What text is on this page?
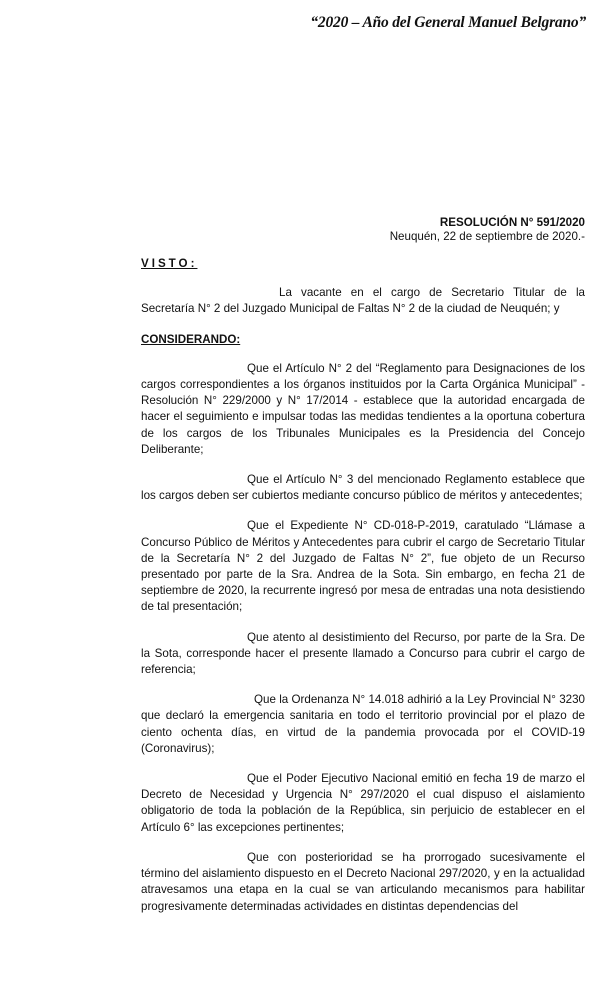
“2020 – Año del General Manuel Belgrano”
RESOLUCIÓN N° 591/2020
Neuquén, 22 de septiembre de 2020.-
VISTO:
La vacante en el cargo de Secretario Titular de la Secretaría N° 2 del Juzgado Municipal de Faltas N° 2 de la ciudad de Neuquén; y
CONSIDERANDO:
Que el Artículo N° 2 del “Reglamento para Designaciones de los cargos correspondientes a los órganos instituidos por la Carta Orgánica Municipal” - Resolución N° 229/2000 y N° 17/2014 - establece que la autoridad encargada de hacer el seguimiento e impulsar todas las medidas tendientes a la oportuna cobertura de los cargos de los Tribunales Municipales es la Presidencia del Concejo Deliberante;
Que el Artículo N° 3 del mencionado Reglamento establece que los cargos deben ser cubiertos mediante concurso público de méritos y antecedentes;
Que el Expediente N° CD-018-P-2019, caratulado “Llámase a Concurso Público de Méritos y Antecedentes para cubrir el cargo de Secretario Titular de la Secretaría N° 2 del Juzgado de Faltas N° 2”, fue objeto de un Recurso presentado por parte de la Sra. Andrea de la Sota. Sin embargo, en fecha 21 de septiembre de 2020, la recurrente ingresó por mesa de entradas una nota desistiendo de tal presentación;
Que atento al desistimiento del Recurso, por parte de la Sra. De la Sota, corresponde hacer el presente llamado a Concurso para cubrir el cargo de referencia;
Que la Ordenanza N° 14.018 adhirió a la Ley Provincial N° 3230 que declaró la emergencia sanitaria en todo el territorio provincial por el plazo de ciento ochenta días, en virtud de la pandemia provocada por el COVID-19 (Coronavirus);
Que el Poder Ejecutivo Nacional emitió en fecha 19 de marzo el Decreto de Necesidad y Urgencia N° 297/2020 el cual dispuso el aislamiento obligatorio de toda la población de la República, sin perjuicio de establecer en el Artículo 6° las excepciones pertinentes;
Que con posterioridad se ha prorrogado sucesivamente el término del aislamiento dispuesto en el Decreto Nacional 297/2020, y en la actualidad atravesamos una etapa en la cual se van articulando mecanismos para habilitar progresivamente determinadas actividades en distintas dependencias del
